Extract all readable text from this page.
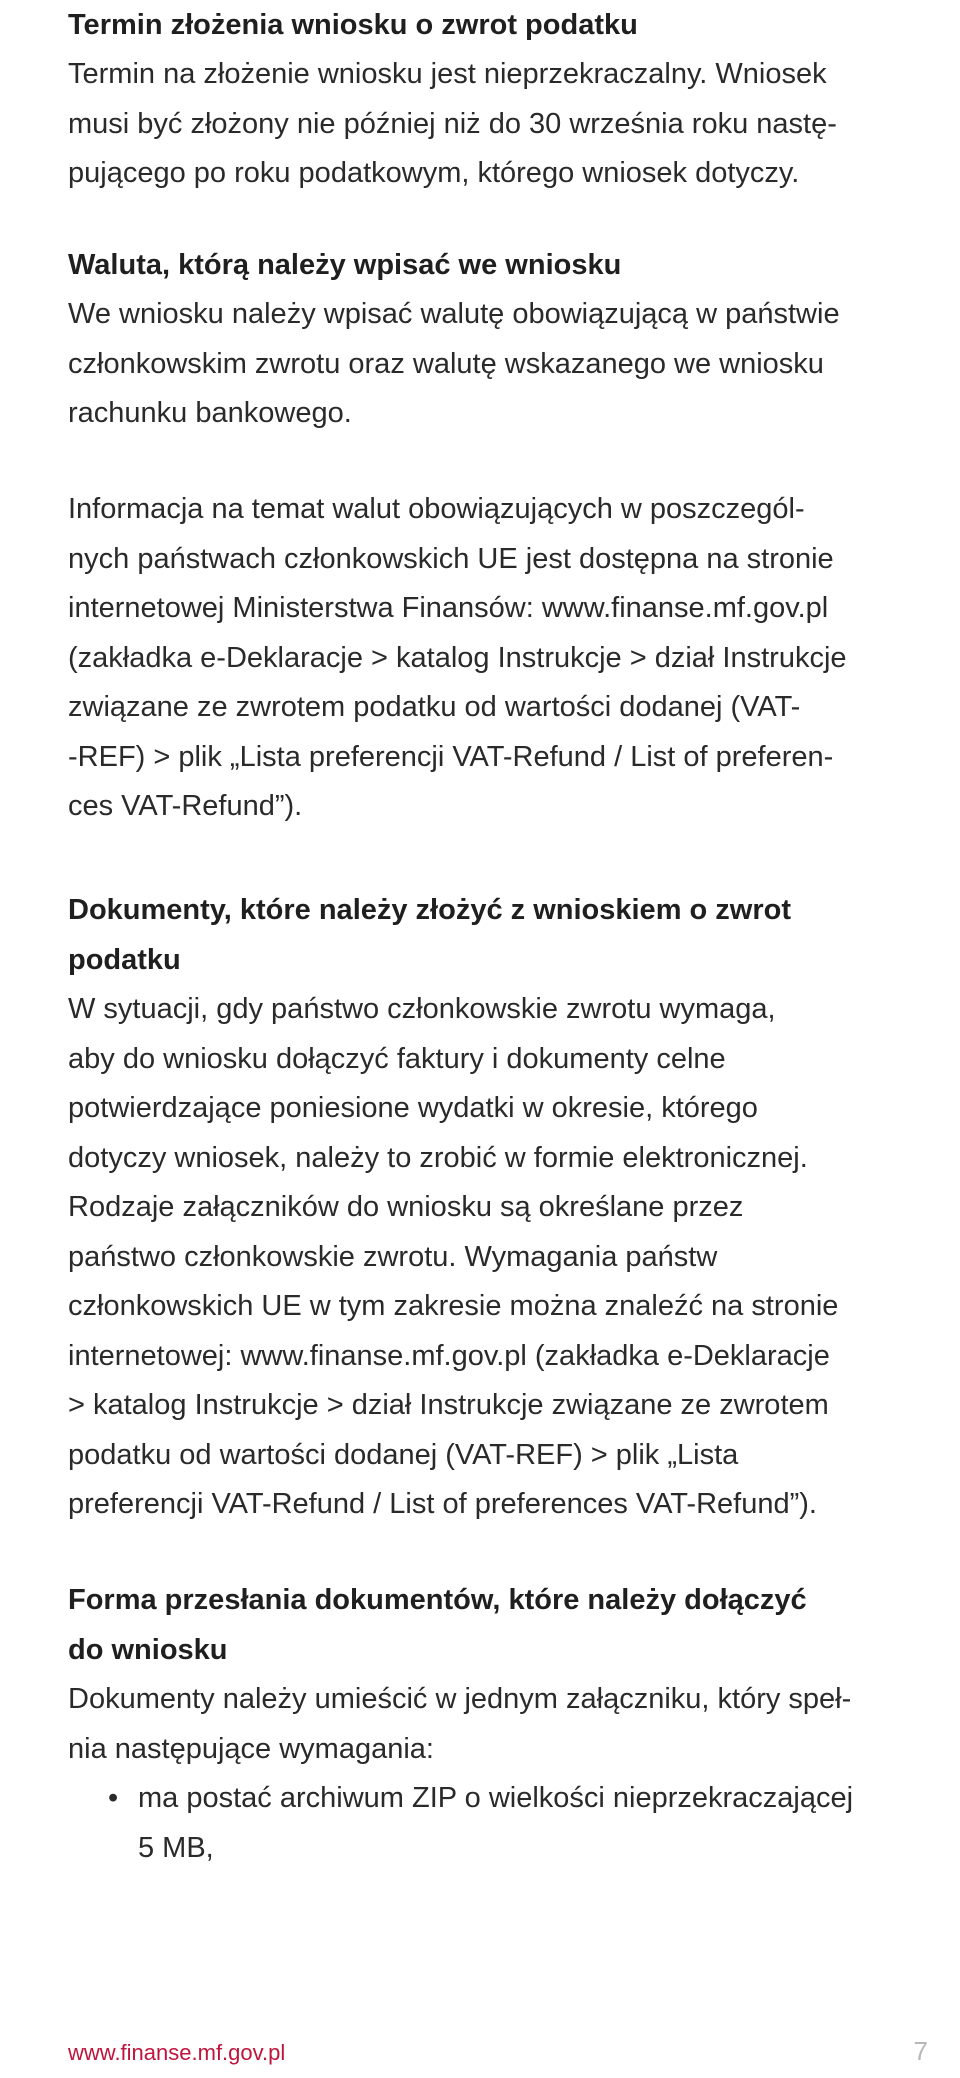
Termin złożenia wniosku o zwrot podatku

Termin na złożenie wniosku jest nieprzekraczalny. Wniosek
musi być złożony nie później niż do 30 września roku nastę-
pującego po roku podatkowym, którego wniosek dotyczy.

Waluta, którą należy wpisać we wniosku

We wniosku należy wpisać walutę obowiązującą w państwie
członkowskim zwrotu oraz walutę wskazanego we wniosku
rachunku bankowego.

Informacja na temat walut obowiązujących w poszczegól-
nych państwach członkowskich UE jest dostępna na stronie
internetowej Ministerstwa Finansów: www.finanse.mf.gov.pl
(zakładka e-Deklaracje > katalog Instrukcje > dział Instrukcje
związane ze zwrotem podatku od wartości dodanej (VAT-
-REF) > plik „Lista preferencji VAT-Refund / List of preferen-
ces VAT-Refund”).

Dokumenty, które należy złożyć z wnioskiem o zwrot
podatku

W sytuacji, gdy państwo członkowskie zwrotu wymaga,
aby do wniosku dołączyć faktury i dokumenty celne
potwierdzające poniesione wydatki w okresie, którego
dotyczy wniosek, należy to zrobić w formie elektronicznej.
Rodzaje załączników do wniosku są określane przez
państwo członkowskie zwrotu. Wymagania państw
członkowskich UE w tym zakresie można znaleźć na stronie
internetowej: www.finanse.mf.gov.pl (zakładka e-Deklaracje
> katalog Instrukcje > dział Instrukcje związane ze zwrotem
podatku od wartości dodanej (VAT-REF) > plik „Lista
preferencji VAT-Refund / List of preferences VAT-Refund”).

Forma przesłania dokumentów, które należy dołączyć
do wniosku

Dokumenty należy umieścić w jednym załączniku, który speł-
nia następujące wymagania:

• ma postać archiwum ZIP o wielkości nieprzekraczającej
5 MB,
www.finanse.mf.gov.pl	7
